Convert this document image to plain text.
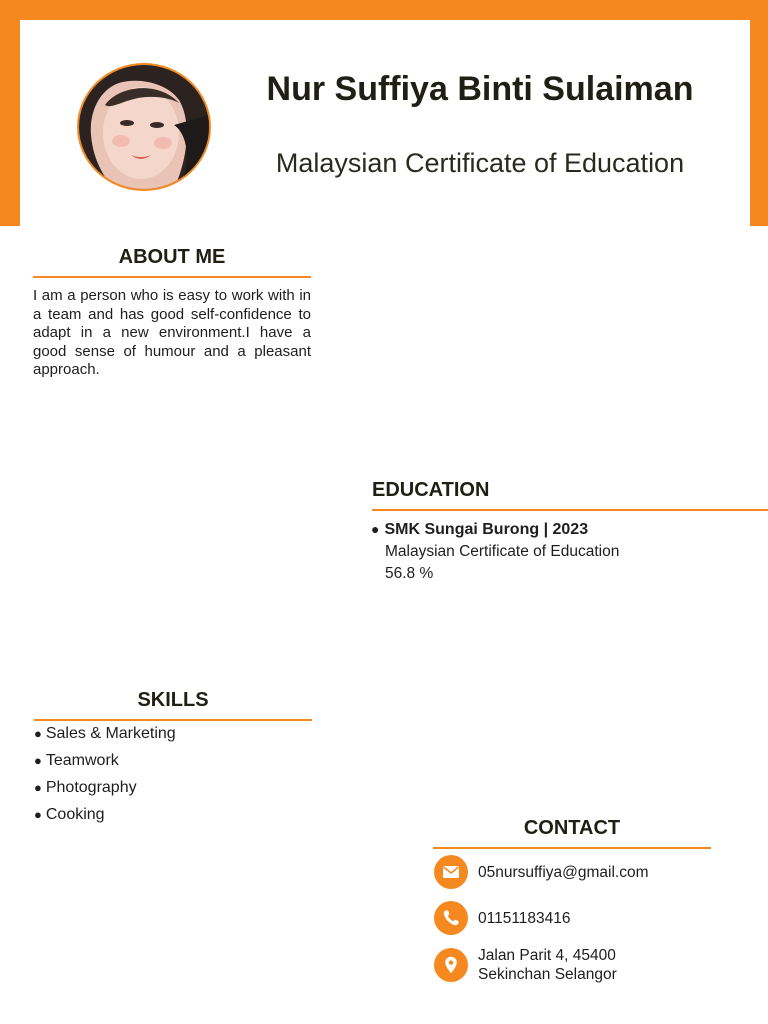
Nur Suffiya Binti Sulaiman
Malaysian Certificate of Education
ABOUT ME
I am a person who is easy to work with in a team and has good self-confidence to adapt in a new environment.I have a good sense of humour and a pleasant approach.
EDUCATION
● SMK Sungai Burong | 2023
Malaysian Certificate of Education
56.8 %
SKILLS
● Sales & Marketing
● Teamwork
● Photography
● Cooking
CONTACT
05nursuffiya@gmail.com
01151183416
Jalan Parit 4, 45400
Sekinchan Selangor
